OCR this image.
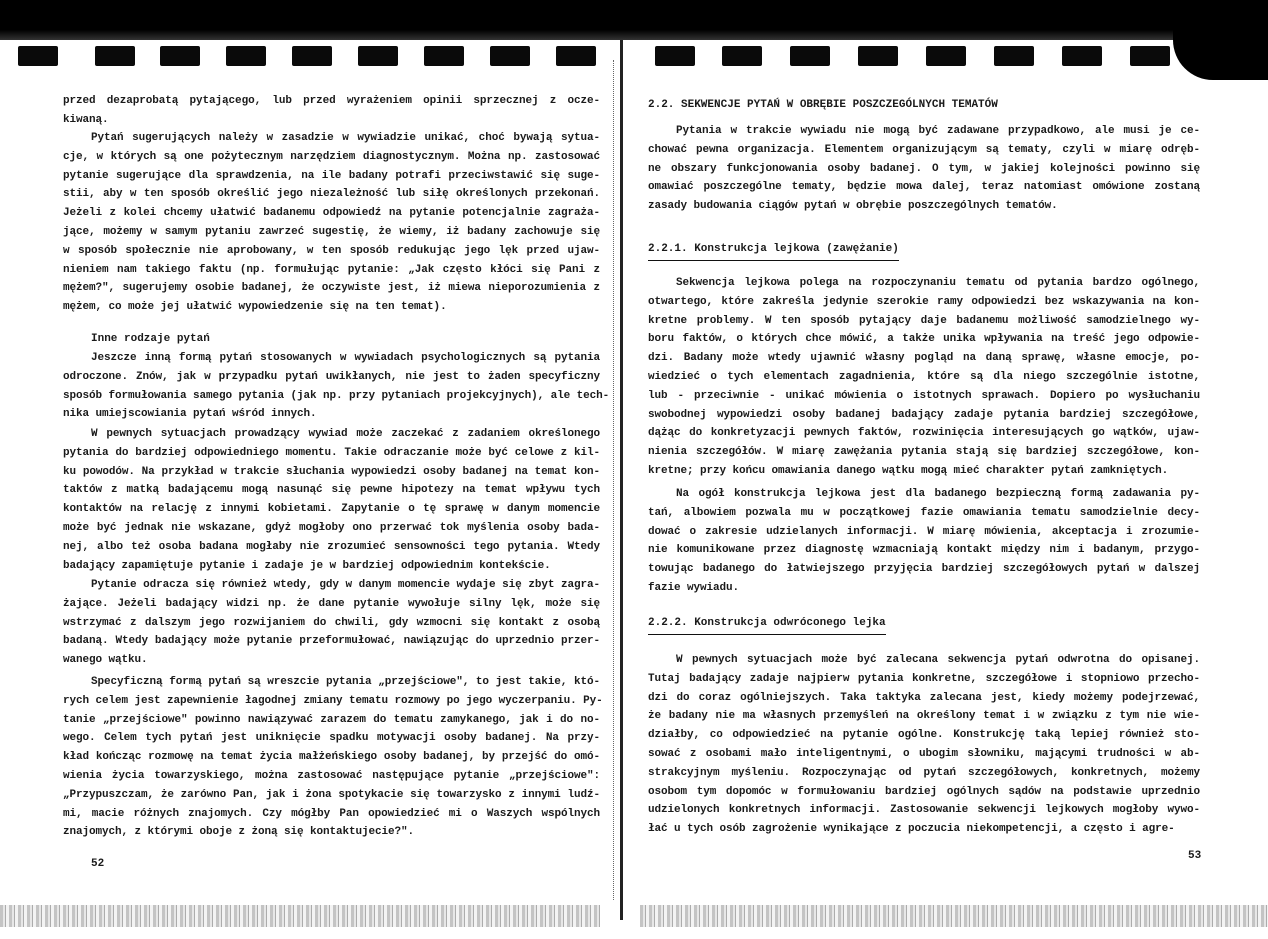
52
przed dezaprobatą pytającego, lub przed wyrażeniem opinii sprzecznej z ocze-
kiwaną.
Pytań sugerujących należy w zasadzie w wywiadzie unikać, choć bywają sytua-
cje, w których są one pożytecznym narzędziem diagnostycznym. Można np. zastosować
pytanie sugerujące dla sprawdzenia, na ile badany potrafi przeciwstawić się suge-
stii, aby w ten sposób określić jego niezależność lub siłę określonych przekonań.
Jeżeli z kolei chcemy ułatwić badanemu odpowiedź na pytanie potencjalnie zagraża-
jące, możemy w samym pytaniu zawrzeć sugestię, że wiemy, iż badany zachowuje się
w sposób społecznie nie aprobowany, w ten sposób redukując jego lęk przed ujaw-
nieniem nam takiego faktu (np. formułując pytanie: „Jak często kłóci się Pani z
mężem?", sugerujemy osobie badanej, że oczywiste jest, iż miewa nieporozumienia z
mężem, co może jej ułatwić wypowiedzenie się na ten temat).
Inne rodzaje pytań
Jeszcze inną formą pytań stosowanych w wywiadach psychologicznych są pytania
odroczone. Znów, jak w przypadku pytań uwikłanych, nie jest to żaden specyficzny
sposób formułowania samego pytania (jak np. przy pytaniach projekcyjnych), ale tech-
nika umiejscowiania pytań wśród innych.
W pewnych sytuacjach prowadzący wywiad może zaczekać z zadaniem określonego
pytania do bardziej odpowiedniego momentu. Takie odraczanie może być celowe z kil-
ku powodów. Na przykład w trakcie słuchania wypowiedzi osoby badanej na temat kon-
taktów z matką badającemu mogą nasunąć się pewne hipotezy na temat wpływu tych
kontaktów na relację z innymi kobietami. Zapytanie o tę sprawę w danym momencie
może być jednak nie wskazane, gdyż mogłoby ono przerwać tok myślenia osoby bada-
nej, albo też osoba badana mogłaby nie zrozumieć sensowności tego pytania. Wtedy
badający zapamiętuje pytanie i zadaje je w bardziej odpowiednim kontekście.
Pytanie odracza się również wtedy, gdy w danym momencie wydaje się zbyt zagra-
żające. Jeżeli badający widzi np. że dane pytanie wywołuje silny lęk, może się
wstrzymać z dalszym jego rozwijaniem do chwili, gdy wzmocni się kontakt z osobą
badaną. Wtedy badający może pytanie przeformułować, nawiązując do uprzednio przer-
wanego wątku.
Specyficzną formą pytań są wreszcie pytania „przejściowe", to jest takie, któ-
rych celem jest zapewnienie łagodnej zmiany tematu rozmowy po jego wyczerpaniu. Py-
tanie „przejściowe" powinno nawiązywać zarazem do tematu zamykanego, jak i do no-
wego. Celem tych pytań jest uniknięcie spadku motywacji osoby badanej. Na przy-
kład kończąc rozmowę na temat życia małżeńskiego osoby badanej, by przejść do omó-
wienia życia towarzyskiego, można zastosować następujące pytanie „przejściowe":
„Przypuszczam, że zarówno Pan, jak i żona spotykacie się towarzysko z innymi ludź-
mi, macie różnych znajomych. Czy mógłby Pan opowiedzieć mi o Waszych wspólnych
znajomych, z którymi oboje z żoną się kontaktujecie?".
53
2.2. SEKWENCJE PYTAŃ W OBRĘBIE POSZCZEGÓLNYCH TEMATÓW
Pytania w trakcie wywiadu nie mogą być zadawane przypadkowo, ale musi je ce-
chować pewna organizacja. Elementem organizującym są tematy, czyli w miarę odręb-
ne obszary funkcjonowania osoby badanej. O tym, w jakiej kolejności powinno się
omawiać poszczególne tematy, będzie mowa dalej, teraz natomiast omówione zostaną
zasady budowania ciągów pytań w obrębie poszczególnych tematów.
2.2.1. Konstrukcja lejkowa (zawężanie)
Sekwencja lejkowa polega na rozpoczynaniu tematu od pytania bardzo ogólnego,
otwartego, które zakreśla jedynie szerokie ramy odpowiedzi bez wskazywania na kon-
kretne problemy. W ten sposób pytający daje badanemu możliwość samodzielnego wy-
boru faktów, o których chce mówić, a także unika wpływania na treść jego odpowie-
dzi. Badany może wtedy ujawnić własny pogląd na daną sprawę, własne emocje, po-
wiedzieć o tych elementach zagadnienia, które są dla niego szczególnie istotne,
lub - przeciwnie - unikać mówienia o istotnych sprawach. Dopiero po wysłuchaniu
swobodnej wypowiedzi osoby badanej badający zadaje pytania bardziej szczegółowe,
dążąc do konkretyzacji pewnych faktów, rozwinięcia interesujących go wątków, ujaw-
nienia szczegółów. W miarę zawężania pytania stają się bardziej szczegółowe, kon-
kretne; przy końcu omawiania danego wątku mogą mieć charakter pytań zamkniętych.
Na ogół konstrukcja lejkowa jest dla badanego bezpieczną formą zadawania py-
tań, albowiem pozwala mu w początkowej fazie omawiania tematu samodzielnie decy-
dować o zakresie udzielanych informacji. W miarę mówienia, akceptacja i zrozumie-
nie komunikowane przez diagnostę wzmacniają kontakt między nim i badanym, przygo-
towując badanego do łatwiejszego przyjęcia bardziej szczegółowych pytań w dalszej
fazie wywiadu.
2.2.2. Konstrukcja odwróconego lejka
W pewnych sytuacjach może być zalecana sekwencja pytań odwrotna do opisanej.
Tutaj badający zadaje najpierw pytania konkretne, szczegółowe i stopniowo przecho-
dzi do coraz ogólniejszych. Taka taktyka zalecana jest, kiedy możemy podejrzewać,
że badany nie ma własnych przemyśleń na określony temat i w związku z tym nie wie-
działby, co odpowiedzieć na pytanie ogólne. Konstrukcję taką lepiej również sto-
sować z osobami mało inteligentnymi, o ubogim słowniku, mającymi trudności w ab-
strakcyjnym myśleniu. Rozpoczynając od pytań szczegółowych, konkretnych, możemy
osobom tym dopomóc w formułowaniu bardziej ogólnych sądów na podstawie uprzednio
udzielonych konkretnych informacji. Zastosowanie sekwencji lejkowych mogłoby wywo-
łać u tych osób zagrożenie wynikające z poczucia niekompetencji, a często i agre-
